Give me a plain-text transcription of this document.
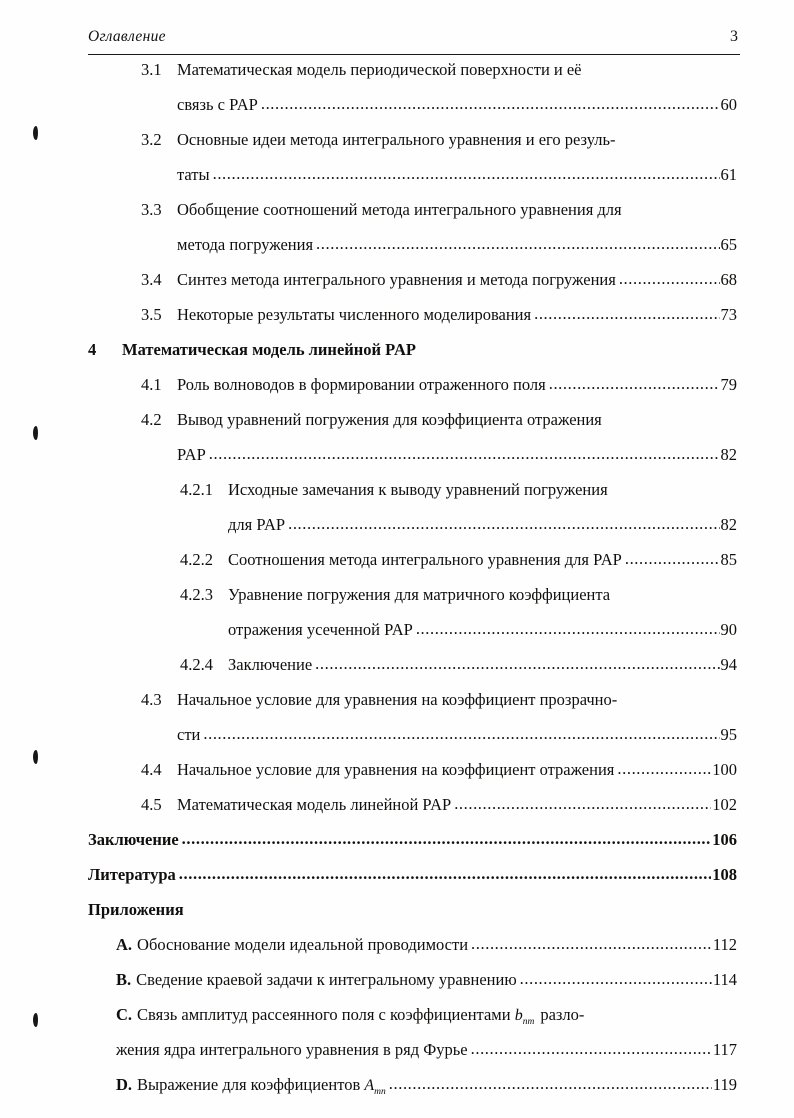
Оглавление	3
3.1 Математическая модель периодической поверхности и её
связь с PAP .....	60
3.2 Основные идеи метода интегрального уравнения и его резуль-
таты .....	61
3.3 Обобщение соотношений метода интегрального уравнения для
метода погружения .....	65
3.4 Синтез метода интегрального уравнения и метода погружения .....	68
3.5 Некоторые результаты численного моделирования .....	73
4	Математическая модель линейной PAP
4.1 Роль волноводов в формировании отраженного поля .....	79
4.2 Вывод уравнений погружения для коэффициента отражения
PAP .....	82
4.2.1 Исходные замечания к выводу уравнений погружения
для PAP .....	82
4.2.2 Соотношения метода интегрального уравнения для PAP .....	85
4.2.3 Уравнение погружения для матричного коэффициента
отражения усеченной PAP .....	90
4.2.4 Заключение .....	94
4.3 Начальное условие для уравнения на коэффициент прозрачно-
сти .....	95
4.4 Начальное условие для уравнения на коэффициент отражения .....	100
4.5 Математическая модель линейной PAP .....	102
Заключение .....	106
Литература .....	108
Приложения
A. Обоснование модели идеальной проводимости .....	112
B. Сведение краевой задачи к интегральному уравнению .....	114
C. Связь амплитуд рассеянного поля с коэффициентами
$b_{nm}$ разло-
жения ядра интегрального уравнения в ряд Фурье .....	117
D. Выражение для коэффициентов
$A_{mn}$ .....	119
